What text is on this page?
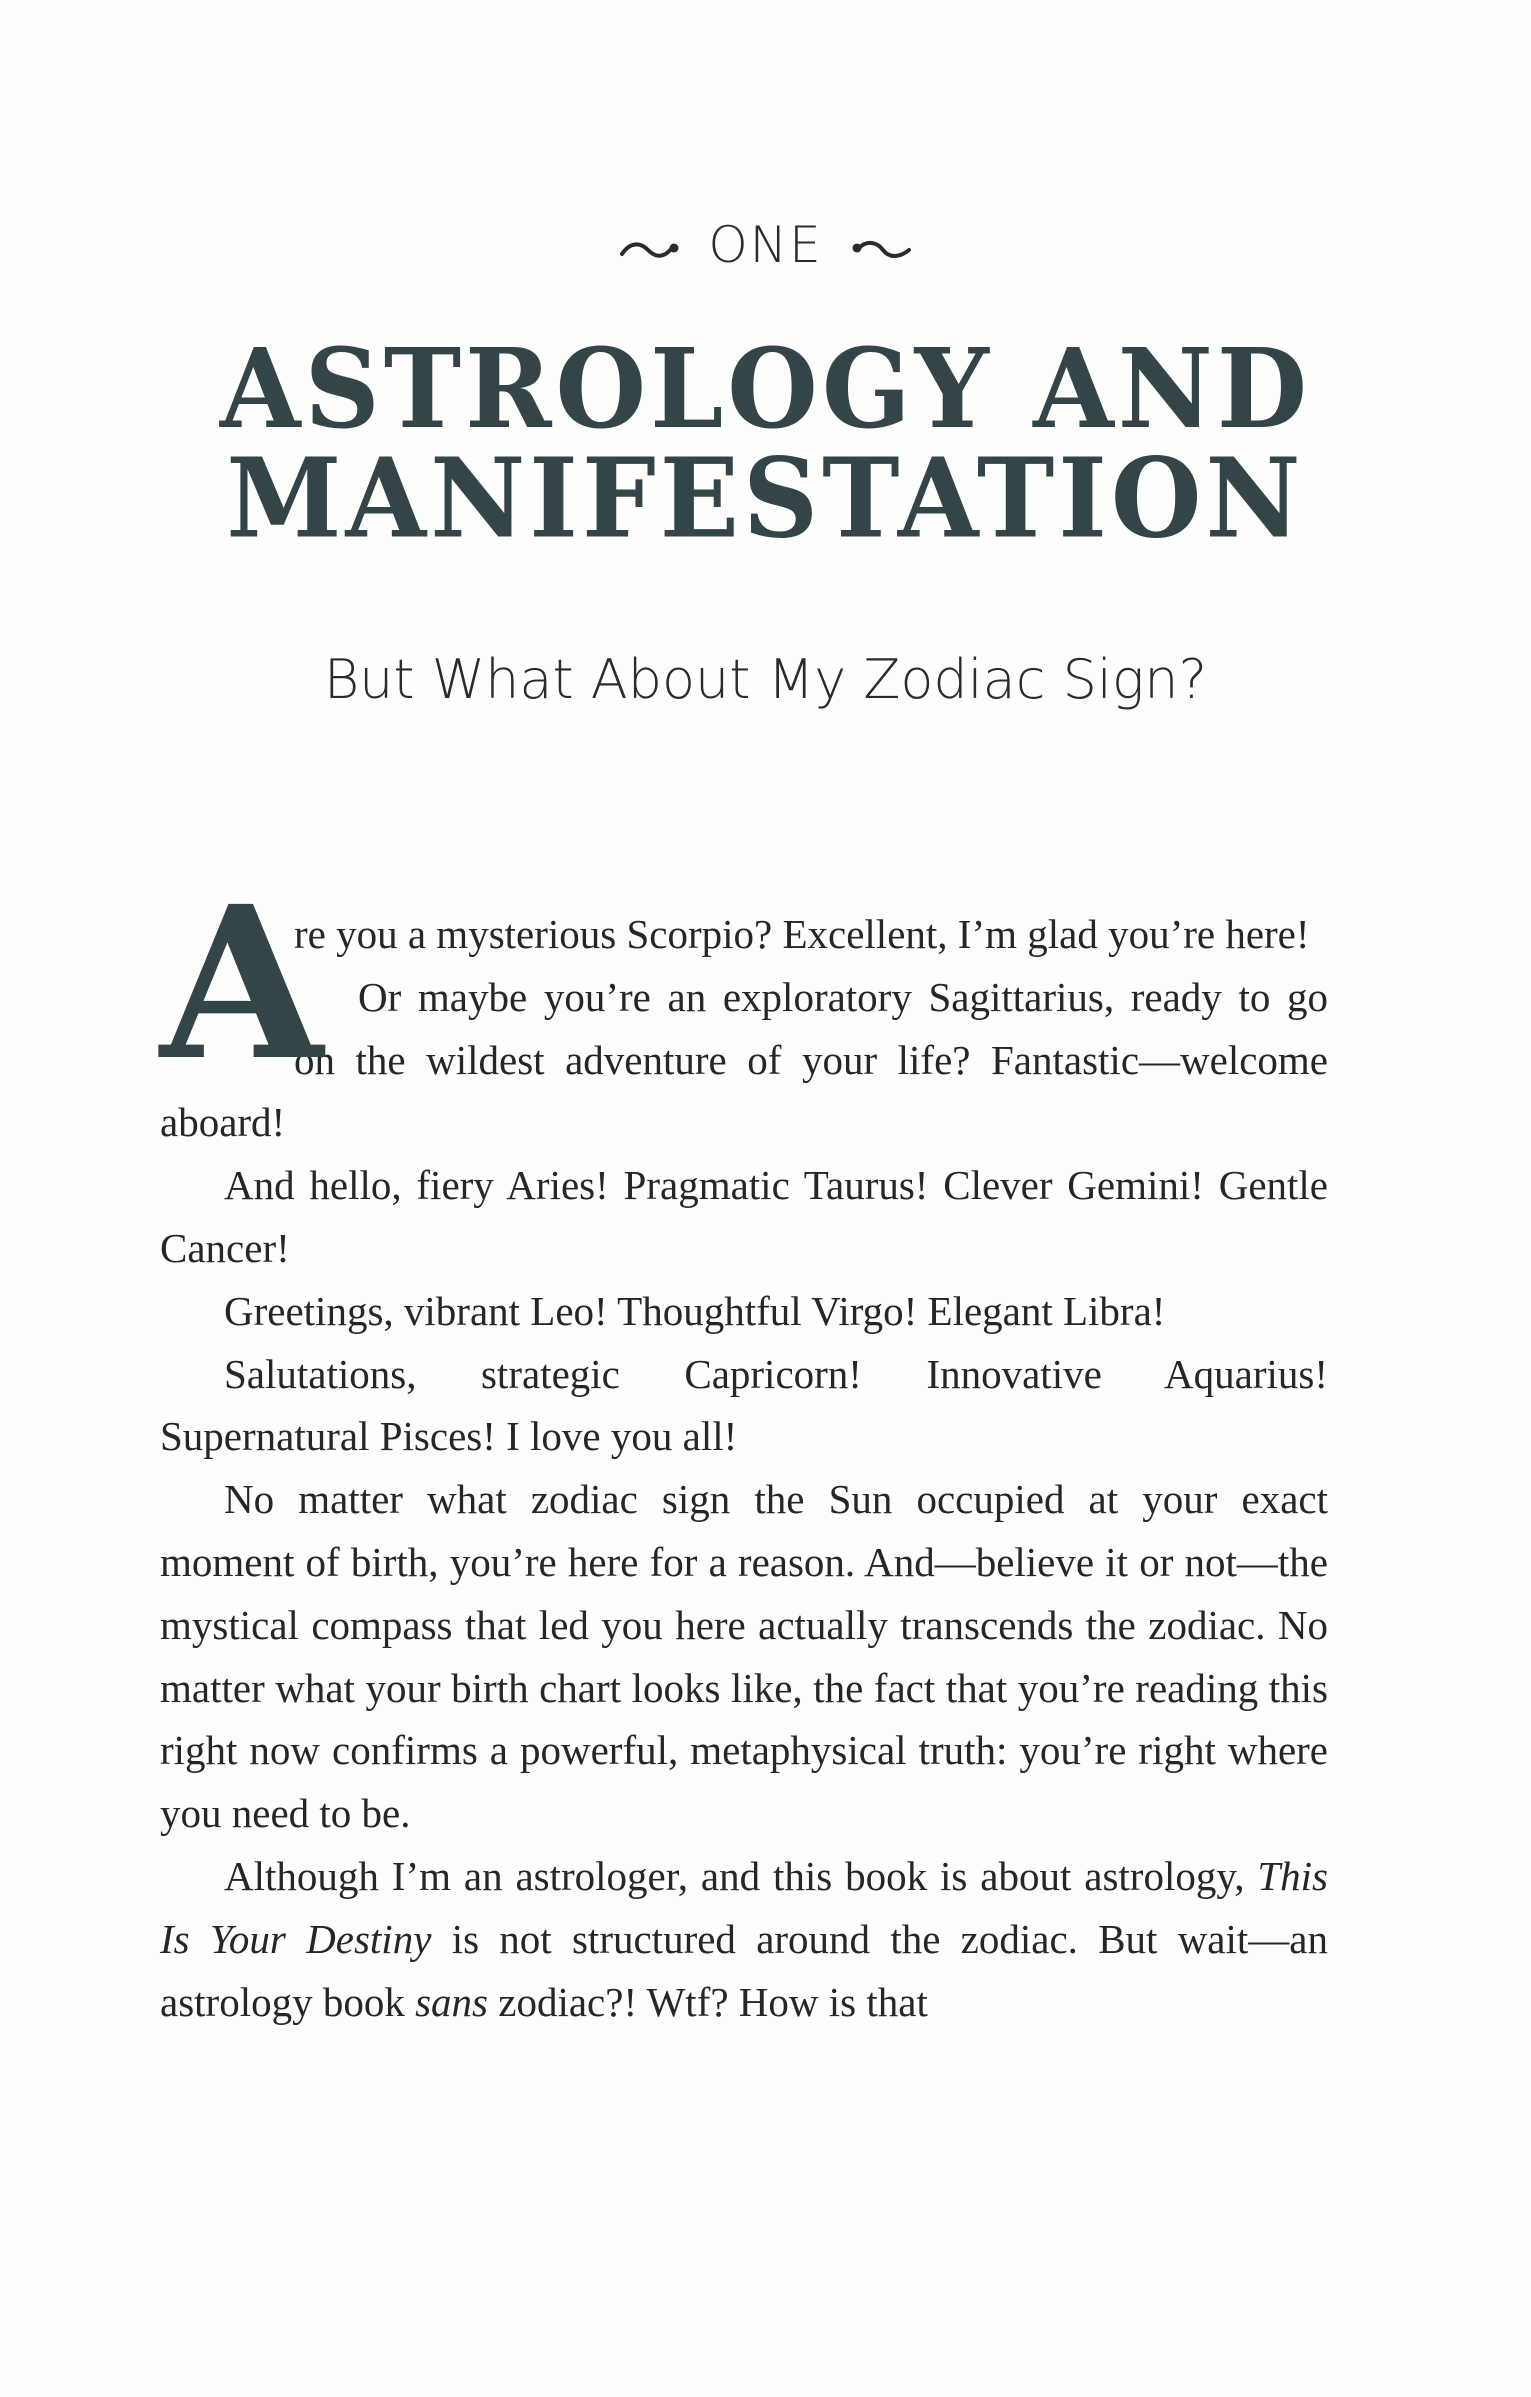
ONE
ASTROLOGY AND
MANIFESTATION
But What About My Zodiac Sign?

A
re you a mysterious Scorpio? Excellent, I’m glad you’re here!

Or maybe you’re an exploratory Sagittarius, ready to go on the wildest adventure of your life? Fantastic—welcome aboard!

And hello, fiery Aries! Pragmatic Taurus! Clever Gemini! Gentle Cancer!

Greetings, vibrant Leo! Thoughtful Virgo! Elegant Libra!

Salutations, strategic Capricorn! Innovative Aquarius! Supernatural Pisces! I love you all!

No matter what zodiac sign the Sun occupied at your exact moment of birth, you’re here for a reason. And—believe it or not—the mystical compass that led you here actually transcends the zodiac. No matter what your birth chart looks like, the fact that you’re reading this right now confirms a powerful, metaphysical truth: you’re right where you need to be.

Although I’m an astrologer, and this book is about astrology, This Is Your Destiny is not structured around the zodiac. But wait—an astrology book sans zodiac?! Wtf? How is that
